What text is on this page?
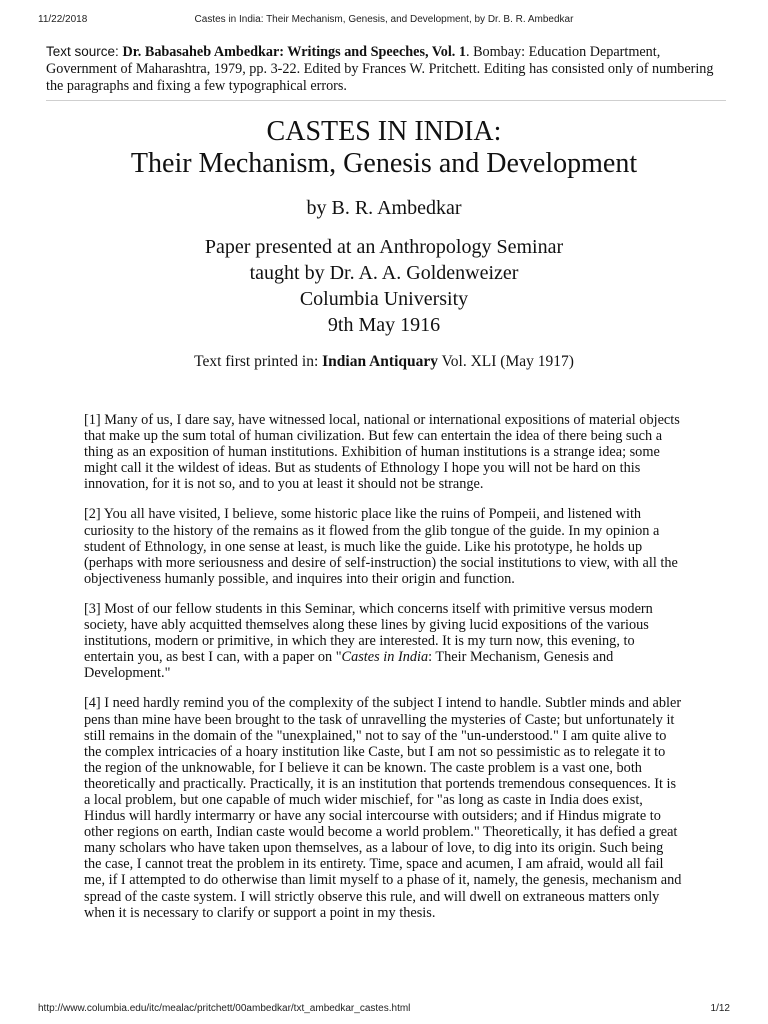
11/22/2018	Castes in India: Their Mechanism, Genesis, and Development, by Dr. B. R. Ambedkar
Text source: Dr. Babasaheb Ambedkar: Writings and Speeches, Vol. 1. Bombay: Education Department, Government of Maharashtra, 1979, pp. 3-22. Edited by Frances W. Pritchett. Editing has consisted only of numbering the paragraphs and fixing a few typographical errors.
CASTES IN INDIA:
Their Mechanism, Genesis and Development
by B. R. Ambedkar
Paper presented at an Anthropology Seminar
taught by Dr. A. A. Goldenweizer
Columbia University
9th May 1916
Text first printed in: Indian Antiquary Vol. XLI (May 1917)

[1] Many of us, I dare say, have witnessed local, national or international expositions of material objects that make up the sum total of human civilization. But few can entertain the idea of there being such a thing as an exposition of human institutions. Exhibition of human institutions is a strange idea; some might call it the wildest of ideas. But as students of Ethnology I hope you will not be hard on this innovation, for it is not so, and to you at least it should not be strange.

[2] You all have visited, I believe, some historic place like the ruins of Pompeii, and listened with curiosity to the history of the remains as it flowed from the glib tongue of the guide. In my opinion a student of Ethnology, in one sense at least, is much like the guide. Like his prototype, he holds up (perhaps with more seriousness and desire of self-instruction) the social institutions to view, with all the objectiveness humanly possible, and inquires into their origin and function.

[3] Most of our fellow students in this Seminar, which concerns itself with primitive versus modern society, have ably acquitted themselves along these lines by giving lucid expositions of the various institutions, modern or primitive, in which they are interested. It is my turn now, this evening, to entertain you, as best I can, with a paper on "Castes in India: Their Mechanism, Genesis and Development."

[4] I need hardly remind you of the complexity of the subject I intend to handle. Subtler minds and abler pens than mine have been brought to the task of unravelling the mysteries of Caste; but unfortunately it still remains in the domain of the "unexplained," not to say of the "un-understood." I am quite alive to the complex intricacies of a hoary institution like Caste, but I am not so pessimistic as to relegate it to the region of the unknowable, for I believe it can be known. The caste problem is a vast one, both theoretically and practically. Practically, it is an institution that portends tremendous consequences. It is a local problem, but one capable of much wider mischief, for "as long as caste in India does exist, Hindus will hardly intermarry or have any social intercourse with outsiders; and if Hindus migrate to other regions on earth, Indian caste would become a world problem." Theoretically, it has defied a great many scholars who have taken upon themselves, as a labour of love, to dig into its origin. Such being the case, I cannot treat the problem in its entirety. Time, space and acumen, I am afraid, would all fail me, if I attempted to do otherwise than limit myself to a phase of it, namely, the genesis, mechanism and spread of the caste system. I will strictly observe this rule, and will dwell on extraneous matters only when it is necessary to clarify or support a point in my thesis.

http://www.columbia.edu/itc/mealac/pritchett/00ambedkar/txt_ambedkar_castes.html	1/12
